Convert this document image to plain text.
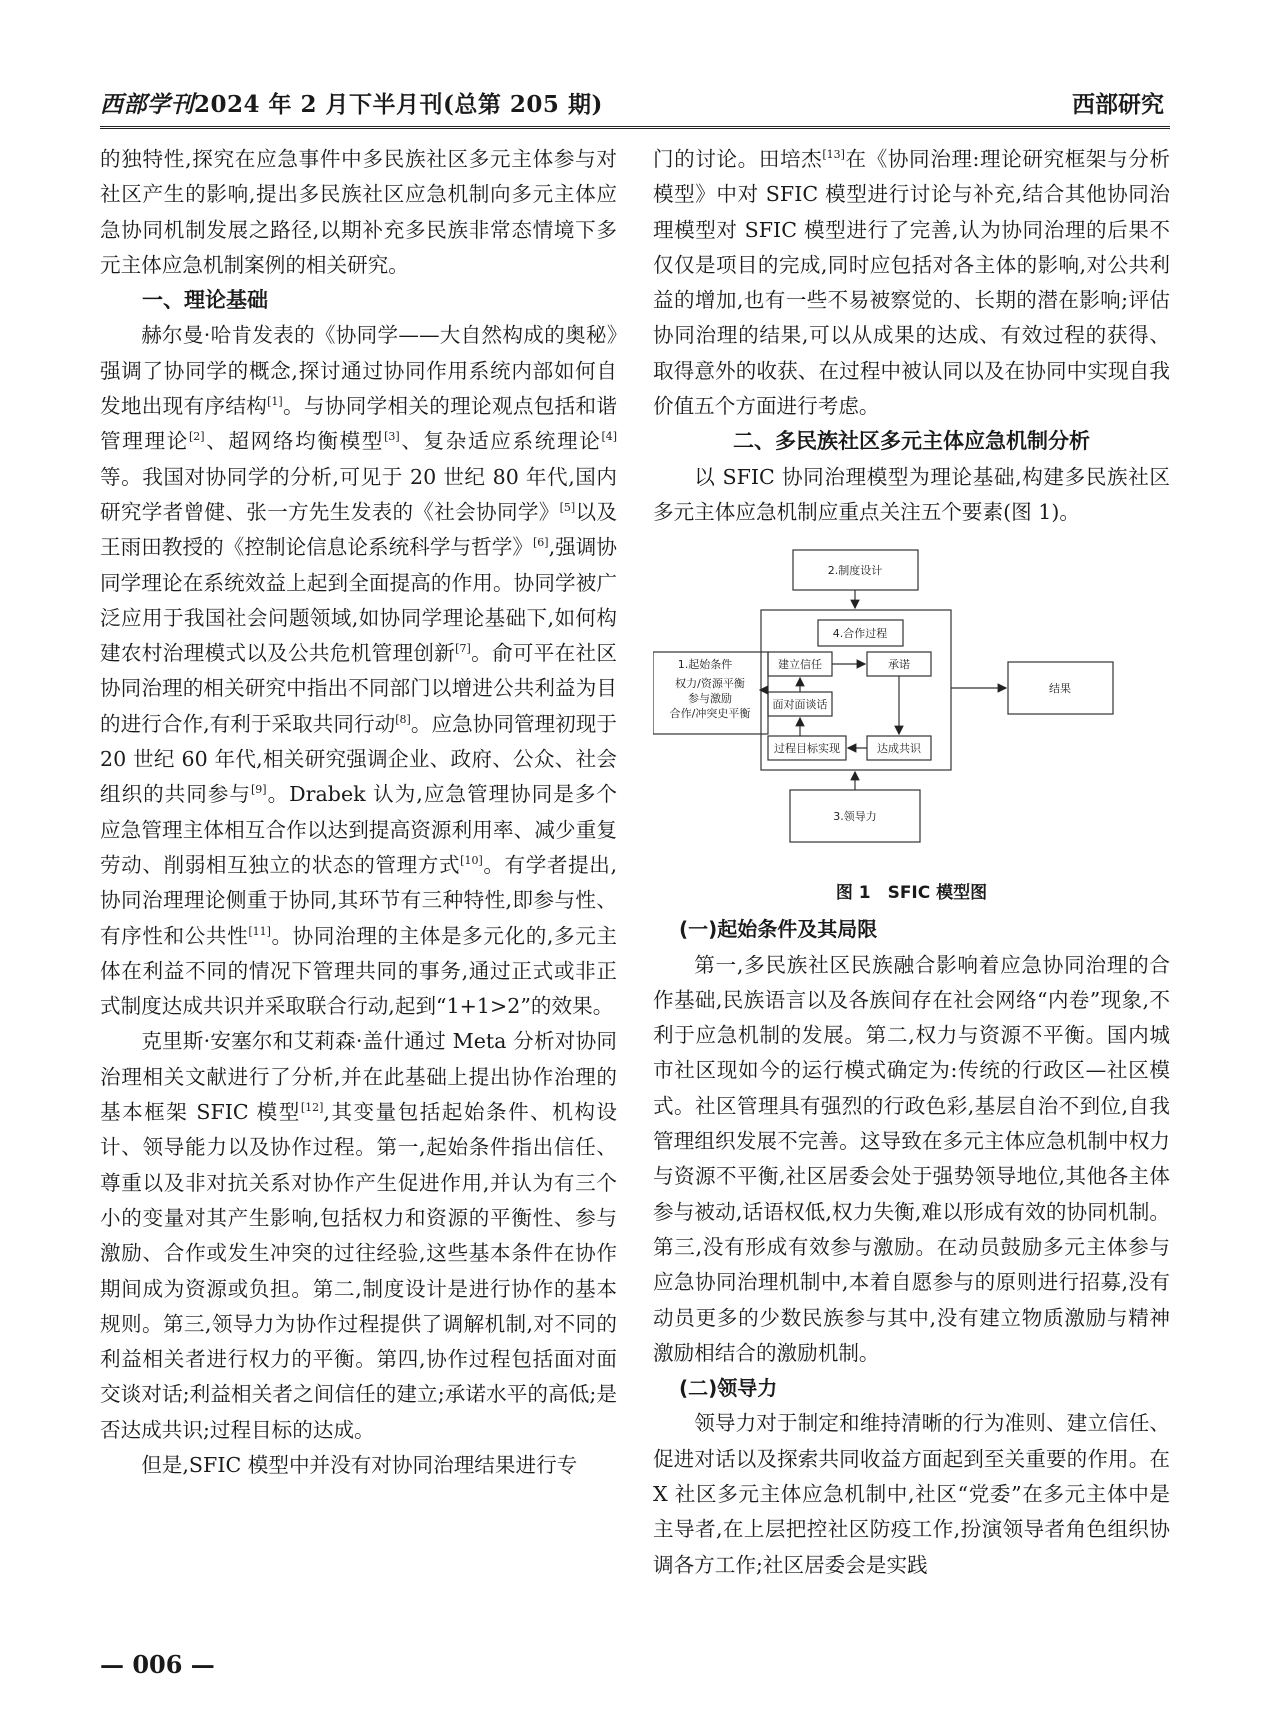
西部学刊2024 年 2 月下半月刊(总第 205 期)	西部研究

的独特性,探究在应急事件中多民族社区多元主体参与对社区产生的影响,提出多民族社区应急机制向多元主体应急协同机制发展之路径,以期补充多民族非常态情境下多元主体应急机制案例的相关研究。

一、理论基础

赫尔曼·哈肯发表的《协同学——大自然构成的奥秘》强调了协同学的概念,探讨通过协同作用系统内部如何自发地出现有序结构[1]。与协同学相关的理论观点包括和谐管理理论[2]、超网络均衡模型[3]、复杂适应系统理论[4]等。我国对协同学的分析,可见于 20 世纪 80 年代,国内研究学者曾健、张一方先生发表的《社会协同学》[5]以及王雨田教授的《控制论信息论系统科学与哲学》[6],强调协同学理论在系统效益上起到全面提高的作用。协同学被广泛应用于我国社会问题领域,如协同学理论基础下,如何构建农村治理模式以及公共危机管理创新[7]。俞可平在社区协同治理的相关研究中指出不同部门以增进公共利益为目的进行合作,有利于采取共同行动[8]。应急协同管理初现于 20 世纪 60 年代,相关研究强调企业、政府、公众、社会组织的共同参与[9]。Drabek 认为,应急管理协同是多个应急管理主体相互合作以达到提高资源利用率、减少重复劳动、削弱相互独立的状态的管理方式[10]。有学者提出,协同治理理论侧重于协同,其环节有三种特性,即参与性、有序性和公共性[11]。协同治理的主体是多元化的,多元主体在利益不同的情况下管理共同的事务,通过正式或非正式制度达成共识并采取联合行动,起到“1+1>2”的效果。

克里斯·安塞尔和艾莉森·盖什通过 Meta 分析对协同治理相关文献进行了分析,并在此基础上提出协作治理的基本框架 SFIC 模型[12],其变量包括起始条件、机构设计、领导能力以及协作过程。第一,起始条件指出信任、尊重以及非对抗关系对协作产生促进作用,并认为有三个小的变量对其产生影响,包括权力和资源的平衡性、参与激励、合作或发生冲突的过往经验,这些基本条件在协作期间成为资源或负担。第二,制度设计是进行协作的基本规则。第三,领导力为协作过程提供了调解机制,对不同的利益相关者进行权力的平衡。第四,协作过程包括面对面交谈对话;利益相关者之间信任的建立;承诺水平的高低;是否达成共识;过程目标的达成。

但是,SFIC 模型中并没有对协同治理结果进行专

门的讨论。田培杰[13]在《协同治理:理论研究框架与分析模型》中对 SFIC 模型进行讨论与补充,结合其他协同治理模型对 SFIC 模型进行了完善,认为协同治理的后果不仅仅是项目的完成,同时应包括对各主体的影响,对公共利益的增加,也有一些不易被察觉的、长期的潜在影响;评估协同治理的结果,可以从成果的达成、有效过程的获得、取得意外的收获、在过程中被认同以及在协同中实现自我价值五个方面进行考虑。

二、多民族社区多元主体应急机制分析

以 SFIC 协同治理模型为理论基础,构建多民族社区多元主体应急机制应重点关注五个要素(图 1)。

2.制度设计
4.合作过程
建立信任	承诺
面对面谈话
过程目标实现	达成共识
1.起始条件
权力/资源平衡
参与激励
合作/冲突史平衡
结果
3.领导力
图 1　SFIC 模型图

(一)起始条件及其局限

第一,多民族社区民族融合影响着应急协同治理的合作基础,民族语言以及各族间存在社会网络“内卷”现象,不利于应急机制的发展。第二,权力与资源不平衡。国内城市社区现如今的运行模式确定为:传统的行政区—社区模式。社区管理具有强烈的行政色彩,基层自治不到位,自我管理组织发展不完善。这导致在多元主体应急机制中权力与资源不平衡,社区居委会处于强势领导地位,其他各主体参与被动,话语权低,权力失衡,难以形成有效的协同机制。第三,没有形成有效参与激励。在动员鼓励多元主体参与应急协同治理机制中,本着自愿参与的原则进行招募,没有动员更多的少数民族参与其中,没有建立物质激励与精神激励相结合的激励机制。

(二)领导力

领导力对于制定和维持清晰的行为准则、建立信任、促进对话以及探索共同收益方面起到至关重要的作用。在 X 社区多元主体应急机制中,社区“党委”在多元主体中是主导者,在上层把控社区防疫工作,扮演领导者角色组织协调各方工作;社区居委会是实践

— 006 —
